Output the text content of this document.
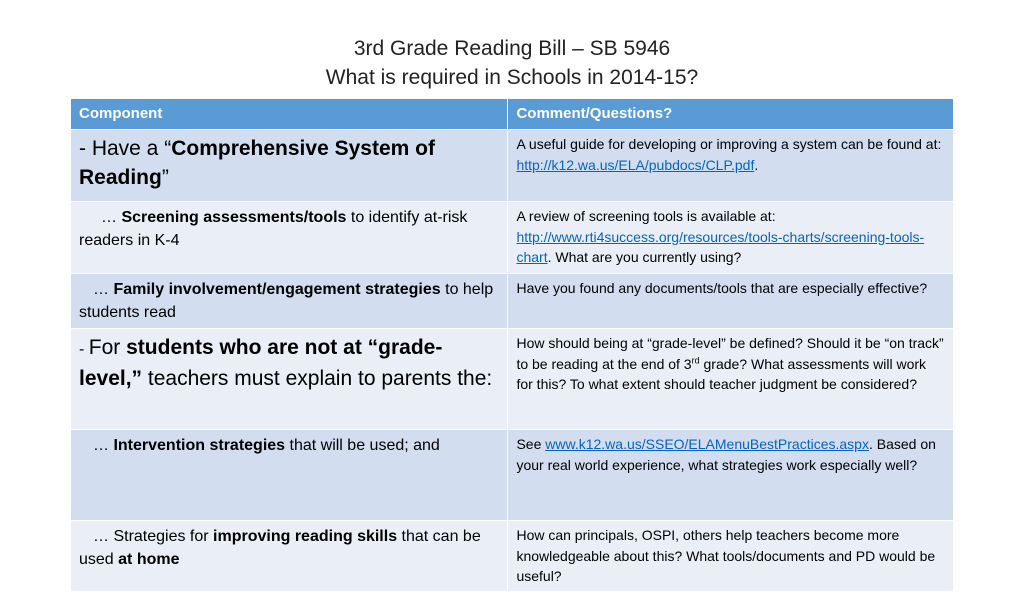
3rd Grade Reading Bill – SB 5946
What is required in Schools in 2014-15?
Component	Comment/Questions?
- Have a “Comprehensive System of Reading”	A useful guide for developing or improving a system can be found at: http://k12.wa.us/ELA/pubdocs/CLP.pdf.
… Screening assessments/tools to identify at-risk readers in K-4	A review of screening tools is available at: http://www.rti4success.org/resources/tools-charts/screening-tools-chart. What are you currently using?
… Family involvement/engagement strategies to help students read	Have you found any documents/tools that are especially effective?
- For students who are not at “grade-level,” teachers must explain to parents the:	How should being at “grade-level” be defined? Should it be “on track” to be reading at the end of 3rd grade? What assessments will work for this? To what extent should teacher judgment be considered?
… Intervention strategies that will be used; and	See www.k12.wa.us/SSEO/ELAMenuBestPractices.aspx. Based on your real world experience, what strategies work especially well?
… Strategies for improving reading skills that can be used at home	How can principals, OSPI, others help teachers become more knowledgeable about this? What tools/documents and PD would be useful?
